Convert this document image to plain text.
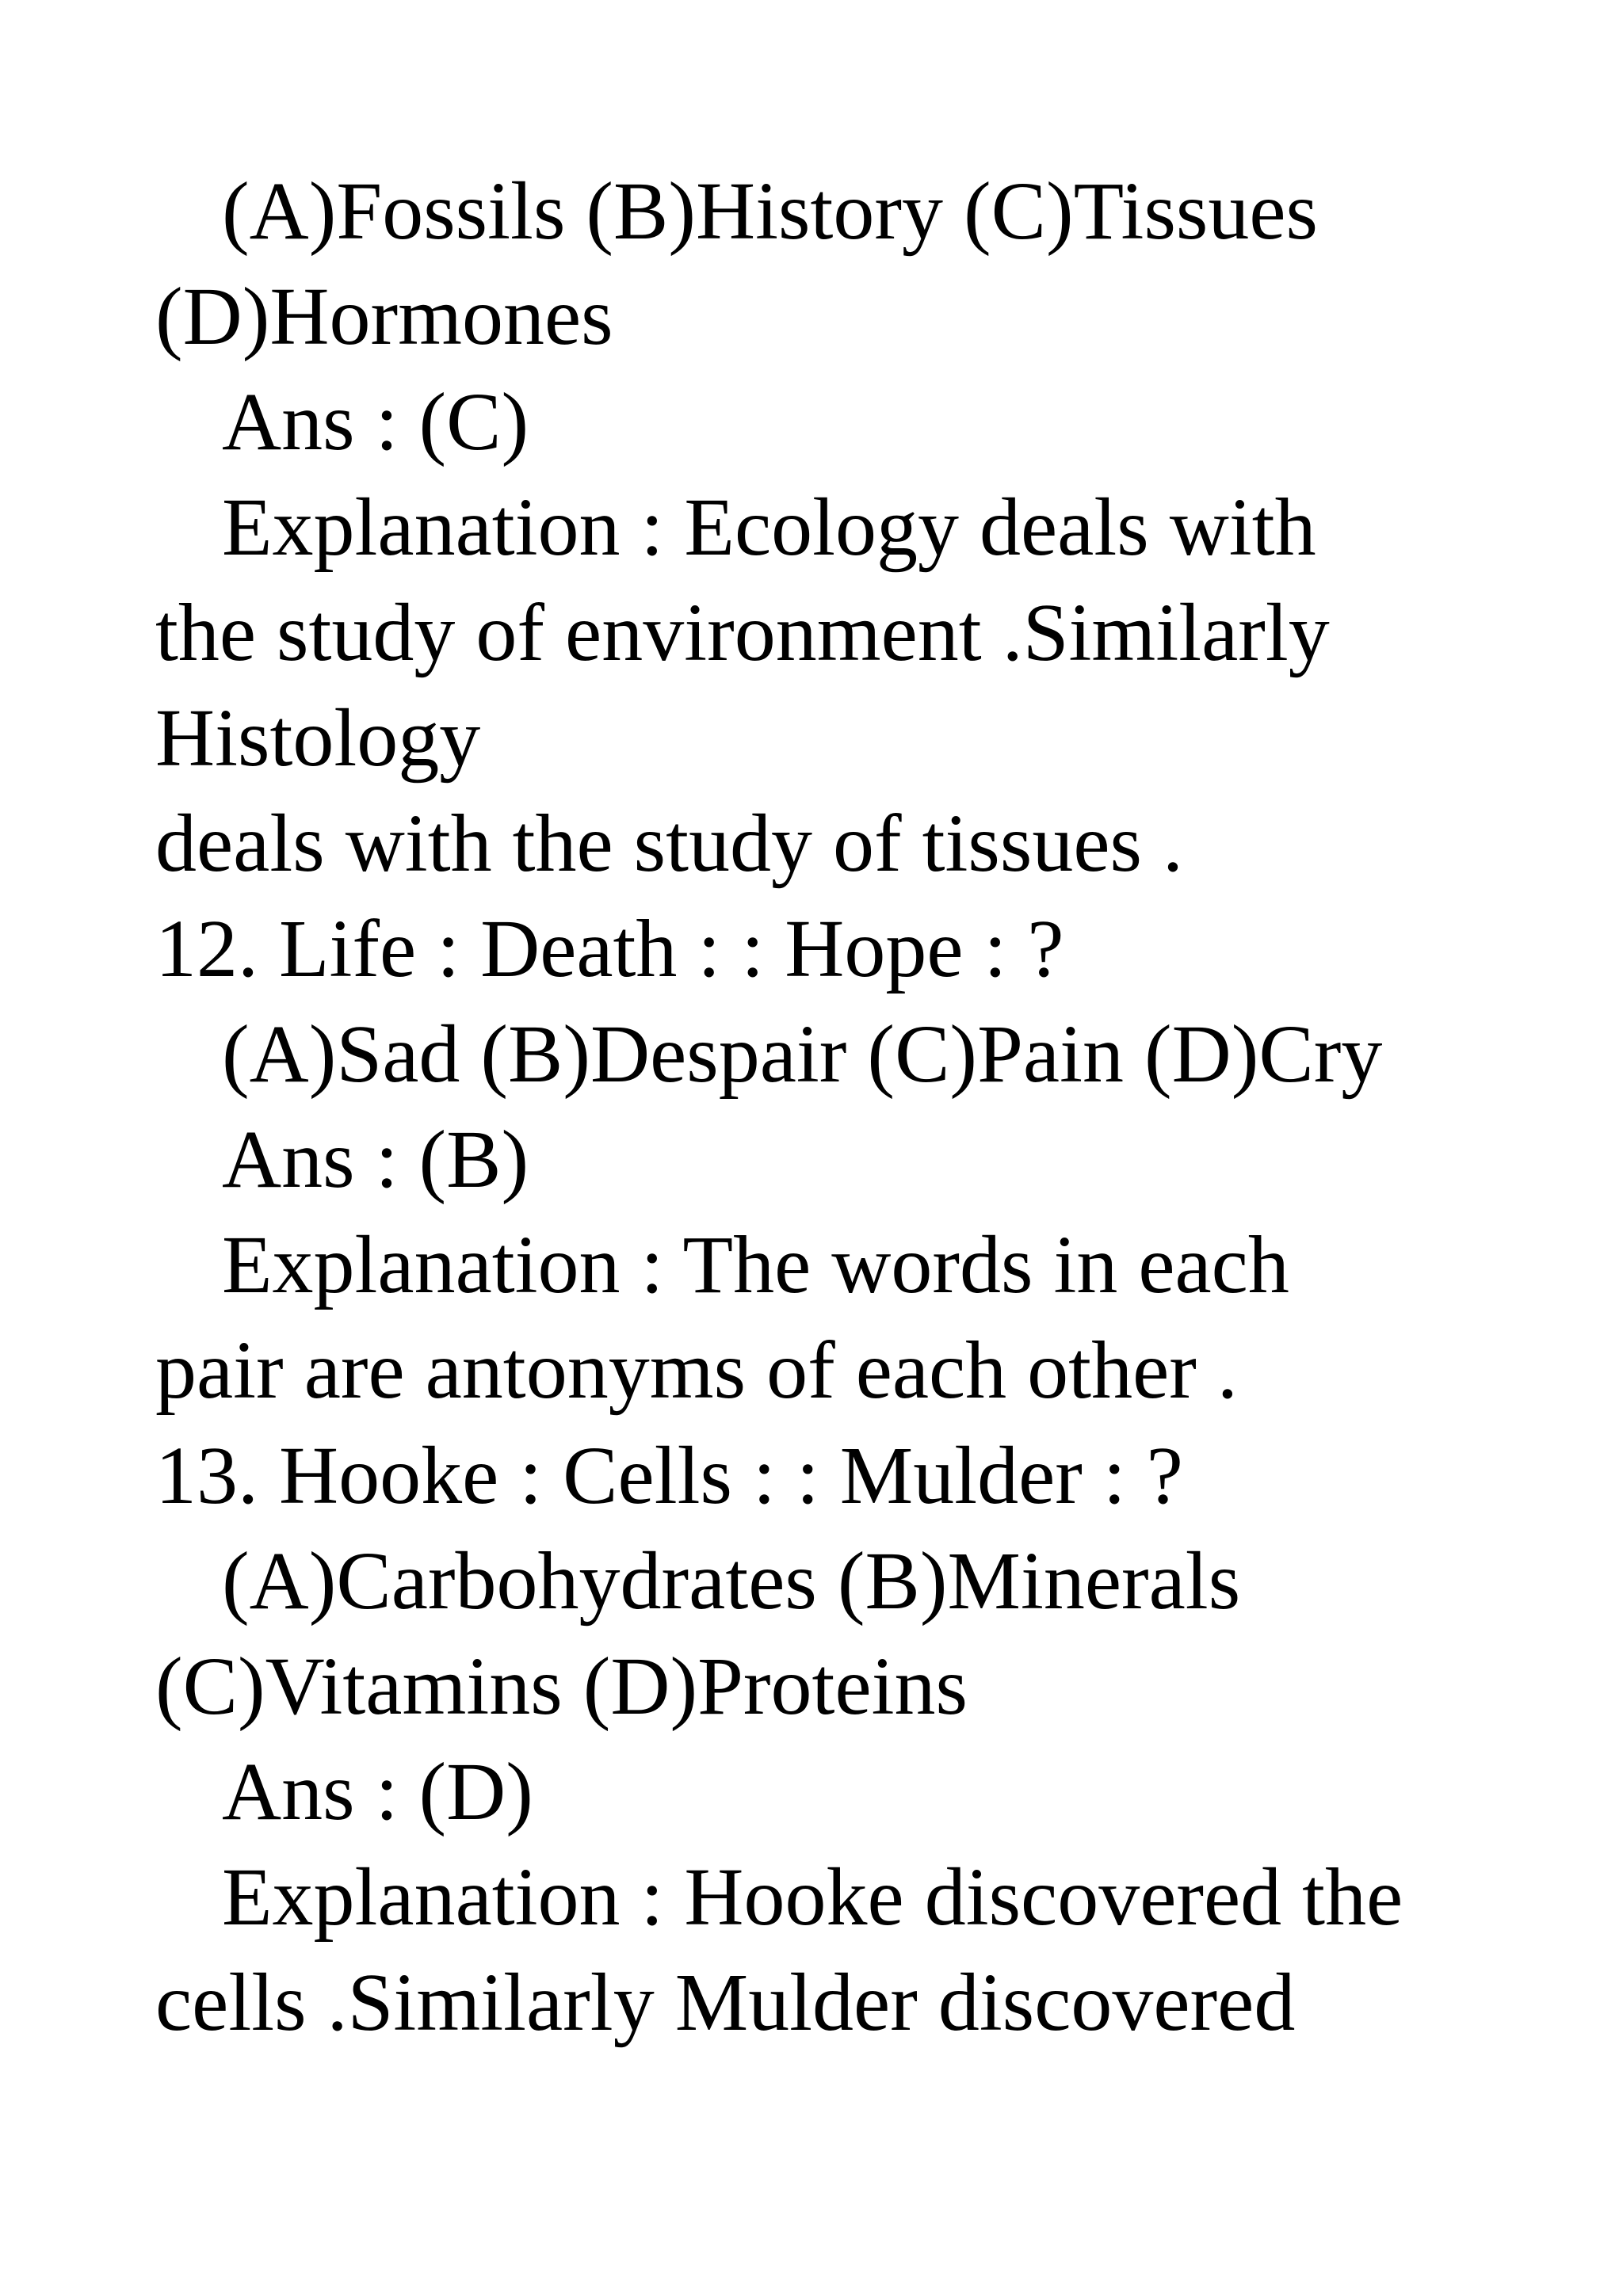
(A)Fossils (B)History (C)Tissues
(D)Hormones
Ans : (C)
Explanation : Ecology deals with
the study of environment .Similarly
Histology
deals with the study of tissues .
12. Life : Death : : Hope : ?
(A)Sad (B)Despair (C)Pain (D)Cry
Ans : (B)
Explanation : The words in each
pair are antonyms of each other .
13. Hooke : Cells : : Mulder : ?
(A)Carbohydrates (B)Minerals
(C)Vitamins (D)Proteins
Ans : (D)
Explanation : Hooke discovered the
cells .Similarly Mulder discovered
